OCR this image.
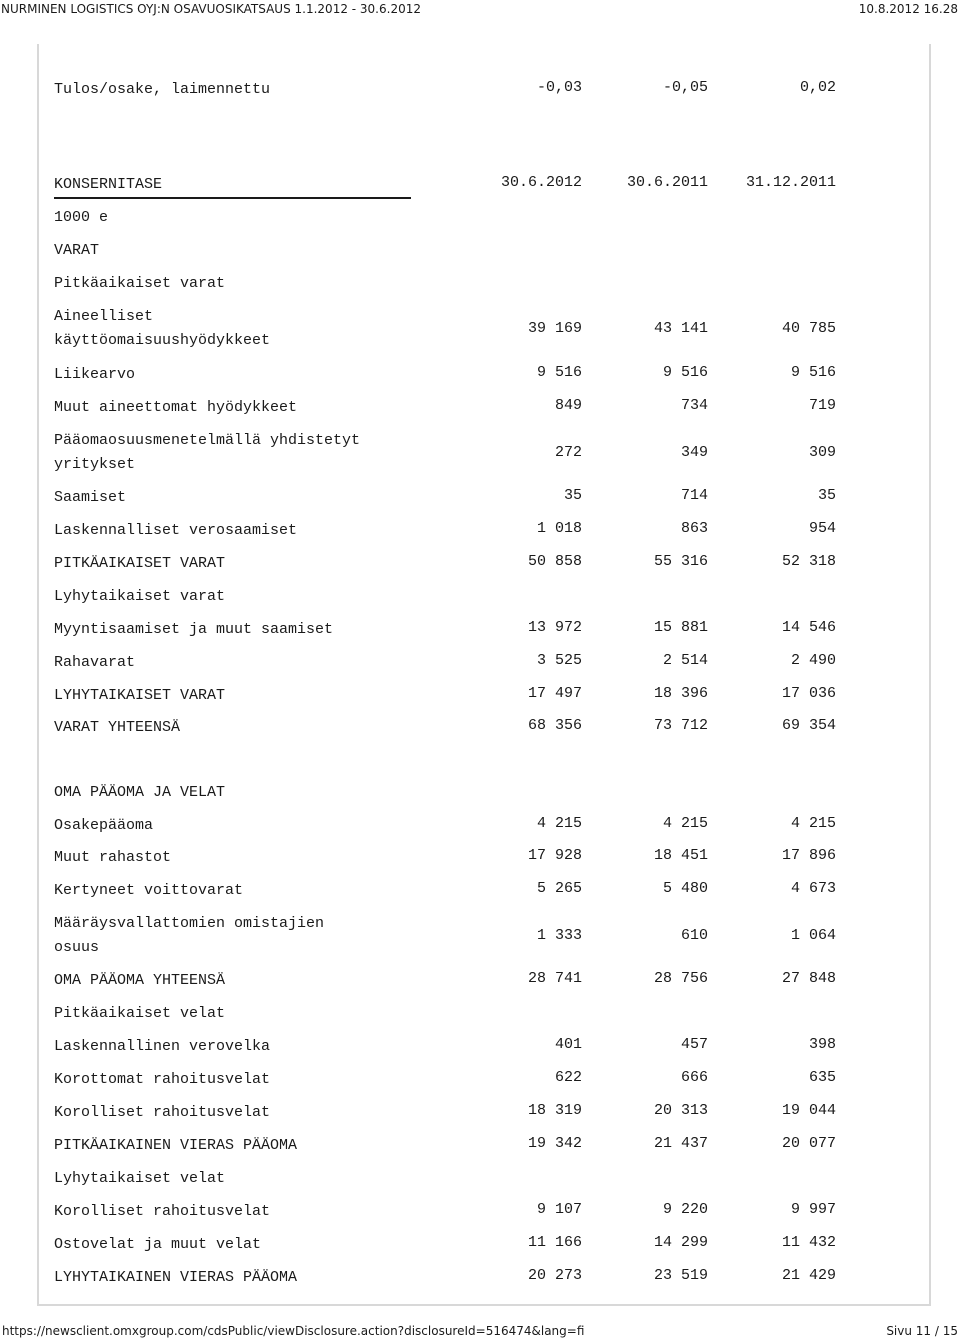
NURMINEN LOGISTICS OYJ:N OSAVUOSIKATSAUS 1.1.2012 - 30.6.2012	10.8.2012 16.28
Tulos/osake, laimennettu	-0,03	-0,05	0,02
KONSERNITASE	30.6.2012	30.6.2011	31.12.2011
1000 e
VARAT
Pitkäaikaiset varat
Aineelliset
käyttöomaisuushyödykkeet
39 169	43 141	40 785
Liikearvo	9 516	9 516	9 516
Muut aineettomat hyödykkeet	849	734	719
Pääomaosuusmenetelmällä yhdistetyt
yritykset
272	349	309
Saamiset	35	714	35
Laskennalliset verosaamiset	1 018	863	954
PITKÄAIKAISET VARAT	50 858	55 316	52 318
Lyhytaikaiset varat
Myyntisaamiset ja muut saamiset	13 972	15 881	14 546
Rahavarat	3 525	2 514	2 490
LYHYTAIKAISET VARAT	17 497	18 396	17 036
VARAT YHTEENSÄ	68 356	73 712	69 354
OMA PÄÄOMA JA VELAT
Osakepääoma	4 215	4 215	4 215
Muut rahastot	17 928	18 451	17 896
Kertyneet voittovarat	5 265	5 480	4 673
Määräysvallattomien omistajien
osuus
1 333	610	1 064
OMA PÄÄOMA YHTEENSÄ	28 741	28 756	27 848
Pitkäaikaiset velat
Laskennallinen verovelka	401	457	398
Korottomat rahoitusvelat	622	666	635
Korolliset rahoitusvelat	18 319	20 313	19 044
PITKÄAIKAINEN VIERAS PÄÄOMA	19 342	21 437	20 077
Lyhytaikaiset velat
Korolliset rahoitusvelat	9 107	9 220	9 997
Ostovelat ja muut velat	11 166	14 299	11 432
LYHYTAIKAINEN VIERAS PÄÄOMA	20 273	23 519	21 429
https://newsclient.omxgroup.com/cdsPublic/viewDisclosure.action?disclosureId=516474&lang=fi	Sivu 11 / 15
